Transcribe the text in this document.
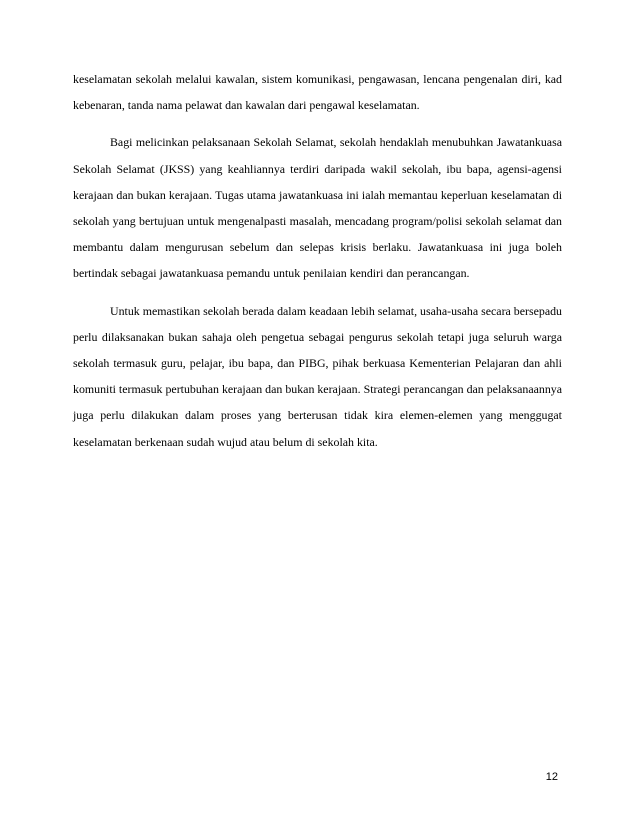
keselamatan sekolah melalui kawalan, sistem komunikasi, pengawasan, lencana pengenalan diri, kad kebenaran, tanda nama pelawat dan kawalan dari pengawal keselamatan.

Bagi melicinkan pelaksanaan Sekolah Selamat, sekolah hendaklah menubuhkan Jawatankuasa Sekolah Selamat (JKSS) yang keahliannya terdiri daripada wakil sekolah, ibu bapa, agensi-agensi kerajaan dan bukan kerajaan. Tugas utama jawatankuasa ini ialah memantau keperluan keselamatan di sekolah yang bertujuan untuk mengenalpasti masalah, mencadang program/polisi sekolah selamat dan membantu dalam mengurusan sebelum dan selepas krisis berlaku. Jawatankuasa ini juga boleh bertindak sebagai jawatankuasa pemandu untuk penilaian kendiri dan perancangan.

Untuk memastikan sekolah berada dalam keadaan lebih selamat, usaha-usaha secara bersepadu perlu dilaksanakan bukan sahaja oleh pengetua sebagai pengurus sekolah tetapi juga seluruh warga sekolah termasuk guru, pelajar, ibu bapa, dan PIBG, pihak berkuasa Kementerian Pelajaran dan ahli komuniti termasuk pertubuhan kerajaan dan bukan kerajaan. Strategi perancangan dan pelaksanaannya juga perlu dilakukan dalam proses yang berterusan tidak kira elemen-elemen yang menggugat keselamatan berkenaan sudah wujud atau belum di sekolah kita.

12
